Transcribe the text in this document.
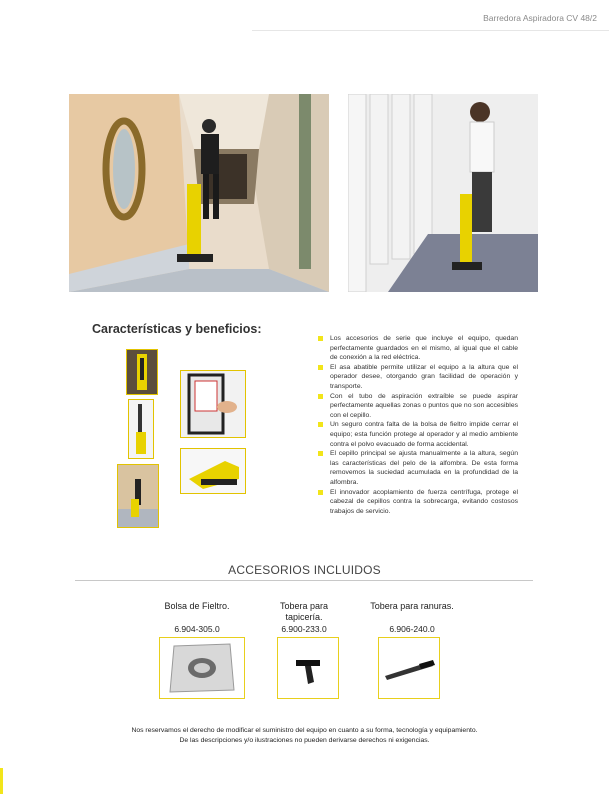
Barredora Aspiradora CV 48/2
Características y beneficios:
Los accesorios de serie que incluye el equipo, quedan perfectamente guardados en el mismo, al igual que el cable de conexión a la red eléctrica.
El asa abatible permite utilizar el equipo a la altura que el operador desee, otorgando gran facilidad de operación y transporte.
Con el tubo de aspiración extraíble se puede aspirar perfectamente aquellas zonas o puntos que no son accesibles con el cepillo.
Un seguro contra falta de la bolsa de fieltro impide cerrar el equipo; esta función protege al operador y al medio ambiente contra el polvo evacuado de forma accidental.
El cepillo principal se ajusta manualmente a la altura, según las características del pelo de la alfombra. De esta forma removemos la suciedad acumulada en la profundidad de la alfombra.
El innovador acoplamiento de fuerza centrífuga, protege el cabezal de cepillos contra la sobrecarga, evitando costosos trabajos de servicio.
ACCESORIOS INCLUIDOS
Bolsa de Fieltro.
6.904-305.0
Tobera para tapicería.
6.900-233.0
Tobera para ranuras.
6.906-240.0
Nos reservamos el derecho de modificar el suministro del equipo en cuanto a su forma, tecnología y equipamiento.
De las descripciones y/o ilustraciones no pueden derivarse derechos ni exigencias.
